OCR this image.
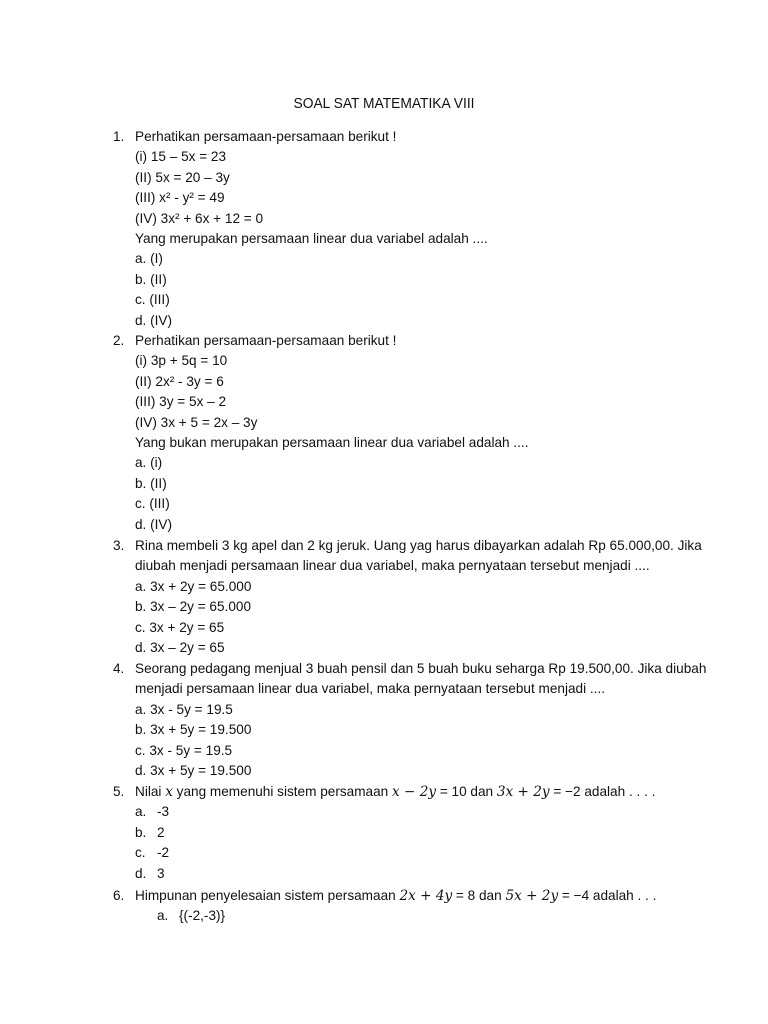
SOAL SAT MATEMATIKA VIII
1. Perhatikan persamaan-persamaan berikut !
(i) 15 – 5x = 23
(II) 5x = 20 – 3y
(III) x² - y² = 49
(IV) 3x² + 6x + 12 = 0
Yang merupakan persamaan linear dua variabel adalah ....
a. (I)
b. (II)
c. (III)
d. (IV)
2. Perhatikan persamaan-persamaan berikut !
(i) 3p + 5q = 10
(II) 2x² - 3y = 6
(III) 3y = 5x – 2
(IV) 3x + 5 = 2x – 3y
Yang bukan merupakan persamaan linear dua variabel adalah ....
a. (i)
b. (II)
c. (III)
d. (IV)
3. Rina membeli 3 kg apel dan 2 kg jeruk. Uang yag harus dibayarkan adalah Rp 65.000,00. Jika
diubah menjadi persamaan linear dua variabel, maka pernyataan tersebut menjadi ....
a. 3x + 2y = 65.000
b. 3x – 2y = 65.000
c. 3x + 2y = 65
d. 3x – 2y = 65
4. Seorang pedagang menjual 3 buah pensil dan 5 buah buku seharga Rp 19.500,00. Jika diubah
menjadi persamaan linear dua variabel, maka pernyataan tersebut menjadi ....
a. 3x - 5y = 19.5
b. 3x + 5y = 19.500
c. 3x - 5y = 19.5
d. 3x + 5y = 19.500
5. Nilai x yang memenuhi sistem persamaan x − 2y = 10 dan 3x + 2y = −2 adalah . . . .
a. -3
b. 2
c. -2
d. 3
6. Himpunan penyelesaian sistem persamaan 2x + 4y = 8 dan 5x + 2y = −4 adalah . . .
a. {(-2,-3)}
